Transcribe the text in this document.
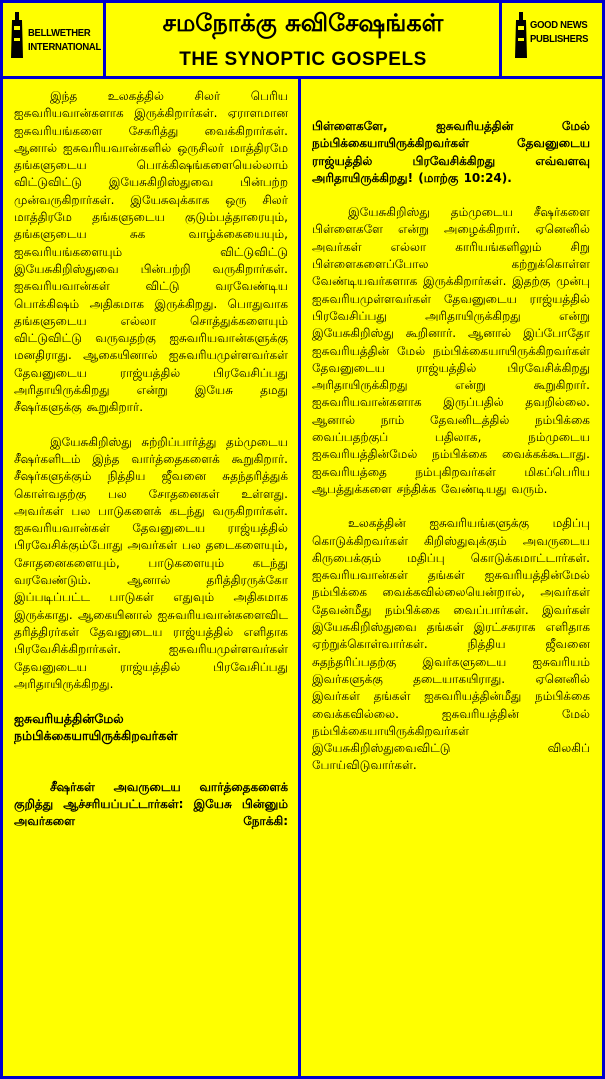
BELLWETHER
INTERNATIONAL
சமநோக்கு சுவிசேஷங்கள்
THE SYNOPTIC GOSPELS
GOOD NEWS
PUBLISHERS

இந்த உலகத்தில் சிலர் பெரிய ஐசுவரியவான்களாக இருக்கிறார்கள். ஏராளமான ஐசுவரியங்களை சேகரித்து வைக்கிறார்கள். ஆனால் ஐசுவரியவான்களில் ஒருசிலர் மாத்திரமே தங்களுடைய பொக்கிஷங்களையெல்லாம் விட்டுவிட்டு இயேசுகிறிஸ்துவை பின்பற்ற முன்வருகிறார்கள். இயேசுவுக்காக ஒரு சிலர் மாத்திரமே தங்களுடைய குடும்பத்தாரையும், தங்களுடைய சுக வாழ்க்கையையும், ஐசுவரியங்களையும் விட்டுவிட்டு இயேசுகிறிஸ்துவை பின்பற்றி வருகிறார்கள். ஐசுவரியவான்கள் விட்டு வரவேண்டிய பொக்கிஷம் அதிகமாக இருக்கிறது. பொதுவாக தங்களுடைய எல்லா சொத்துக்களையும் விட்டுவிட்டு வருவதற்கு ஐசுவரியவான்களுக்கு மனதிராது. ஆகையினால் ஐசுவரியமுள்ளவர்கள் தேவனுடைய ராஜ்யத்தில் பிரவேசிப்பது அரிதாயிருக்கிறது என்று இயேசு தமது சீஷர்களுக்கு கூறுகிறார்.

இயேசுகிறிஸ்து சுற்றிப்பார்த்து தம்முடைய சீஷர்களிடம் இந்த வார்த்தைகளைக் கூறுகிறார். சீஷர்களுக்கும் நித்திய ஜீவனை சுதந்தரித்துக் கொள்வதற்கு பல சோதனைகள் உள்ளது. அவர்கள் பல பாடுகளைக் கடந்து வருகிறார்கள். ஐசுவரியவான்கள் தேவனுடைய ராஜ்யத்தில் பிரவேசிக்கும்போது அவர்கள் பல தடைகளையும், சோதனைகளையும், பாடுகளையும் கடந்து வரவேண்டும். ஆனால் தரித்திரருக்கோ இப்படிப்பட்ட பாடுகள் எதுவும் அதிகமாக இருக்காது. ஆகையினால் ஐசுவரியவான்களைவிட தரித்திரர்கள் தேவனுடைய ராஜ்யத்தில் எளிதாக பிரவேசிக்கிறார்கள். ஐசுவரியமுள்ளவர்கள் தேவனுடைய ராஜ்யத்தில் பிரவேசிப்பது அரிதாயிருக்கிறது.

ஐசுவரியத்தின்மேல் நம்பிக்கையாயிருக்கிறவர்கள்

சீஷர்கள் அவருடைய வார்த்தைகளைக் குறித்து ஆச்சரியப்பட்டார்கள்: இயேசு பின்னும் அவர்களை நோக்கி:

பிள்ளைகளே, ஐசுவரியத்தின் மேல் நம்பிக்கையாயிருக்கிறவர்கள் தேவனுடைய ராஜ்யத்தில் பிரவேசிக்கிறது எவ்வளவு அரிதாயிருக்கிறது! (மாற்கு 10:24).

இயேசுகிறிஸ்து தம்முடைய சீஷர்களை பிள்ளைகளே என்று அழைக்கிறார். ஏனெனில் அவர்கள் எல்லா காரியங்களிலும் சிறு பிள்ளைகளைப்போல கற்றுக்கொள்ள வேண்டியவர்களாக இருக்கிறார்கள். இதற்கு முன்பு ஐசுவரியமுள்ளவர்கள் தேவனுடைய ராஜ்யத்தில் பிரவேசிப்பது அரிதாயிருக்கிறது என்று இயேசுகிறிஸ்து கூறினார். ஆனால் இப்போதோ ஐசுவரியத்தின் மேல் நம்பிக்கையாயிருக்கிறவர்கள் தேவனுடைய ராஜ்யத்தில் பிரவேசிக்கிறது அரிதாயிருக்கிறது என்று கூறுகிறார். ஐசுவரியவான்களாக இருப்பதில் தவறில்லை. ஆனால் நாம் தேவனிடத்தில் நம்பிக்கை வைப்பதற்குப் பதிலாக, நம்முடைய ஐசுவரியத்தின்மேல் நம்பிக்கை வைக்கக்கூடாது. ஐசுவரியத்தை நம்புகிறவர்கள் மிகப்பெரிய ஆபத்துக்களை சந்திக்க வேண்டியது வரும்.

உலகத்தின் ஐசுவரியங்களுக்கு மதிப்பு கொடுக்கிறவர்கள் கிறிஸ்துவுக்கும் அவருடைய கிருபைக்கும் மதிப்பு கொடுக்கமாட்டார்கள். ஐசுவரியவான்கள் தங்கள் ஐசுவரியத்தின்மேல் நம்பிக்கை வைக்கவில்லையென்றால், அவர்கள் தேவன்மீது நம்பிக்கை வைப்பார்கள். இவர்கள் இயேசுகிறிஸ்துவை தங்கள் இரட்சகராக எளிதாக ஏற்றுக்கொள்வார்கள். நித்திய ஜீவனை சுதந்தரிப்பதற்கு இவர்களுடைய ஐசுவரியம் இவர்களுக்கு தடையாகயிராது. ஏனெனில் இவர்கள் தங்கள் ஐசுவரியத்தின்மீது நம்பிக்கை வைக்கவில்லை. ஐசுவரியத்தின் மேல் நம்பிக்கையாயிருக்கிறவர்கள் இயேசுகிறிஸ்துவைவிட்டு விலகிப் போய்விடுவார்கள்.
